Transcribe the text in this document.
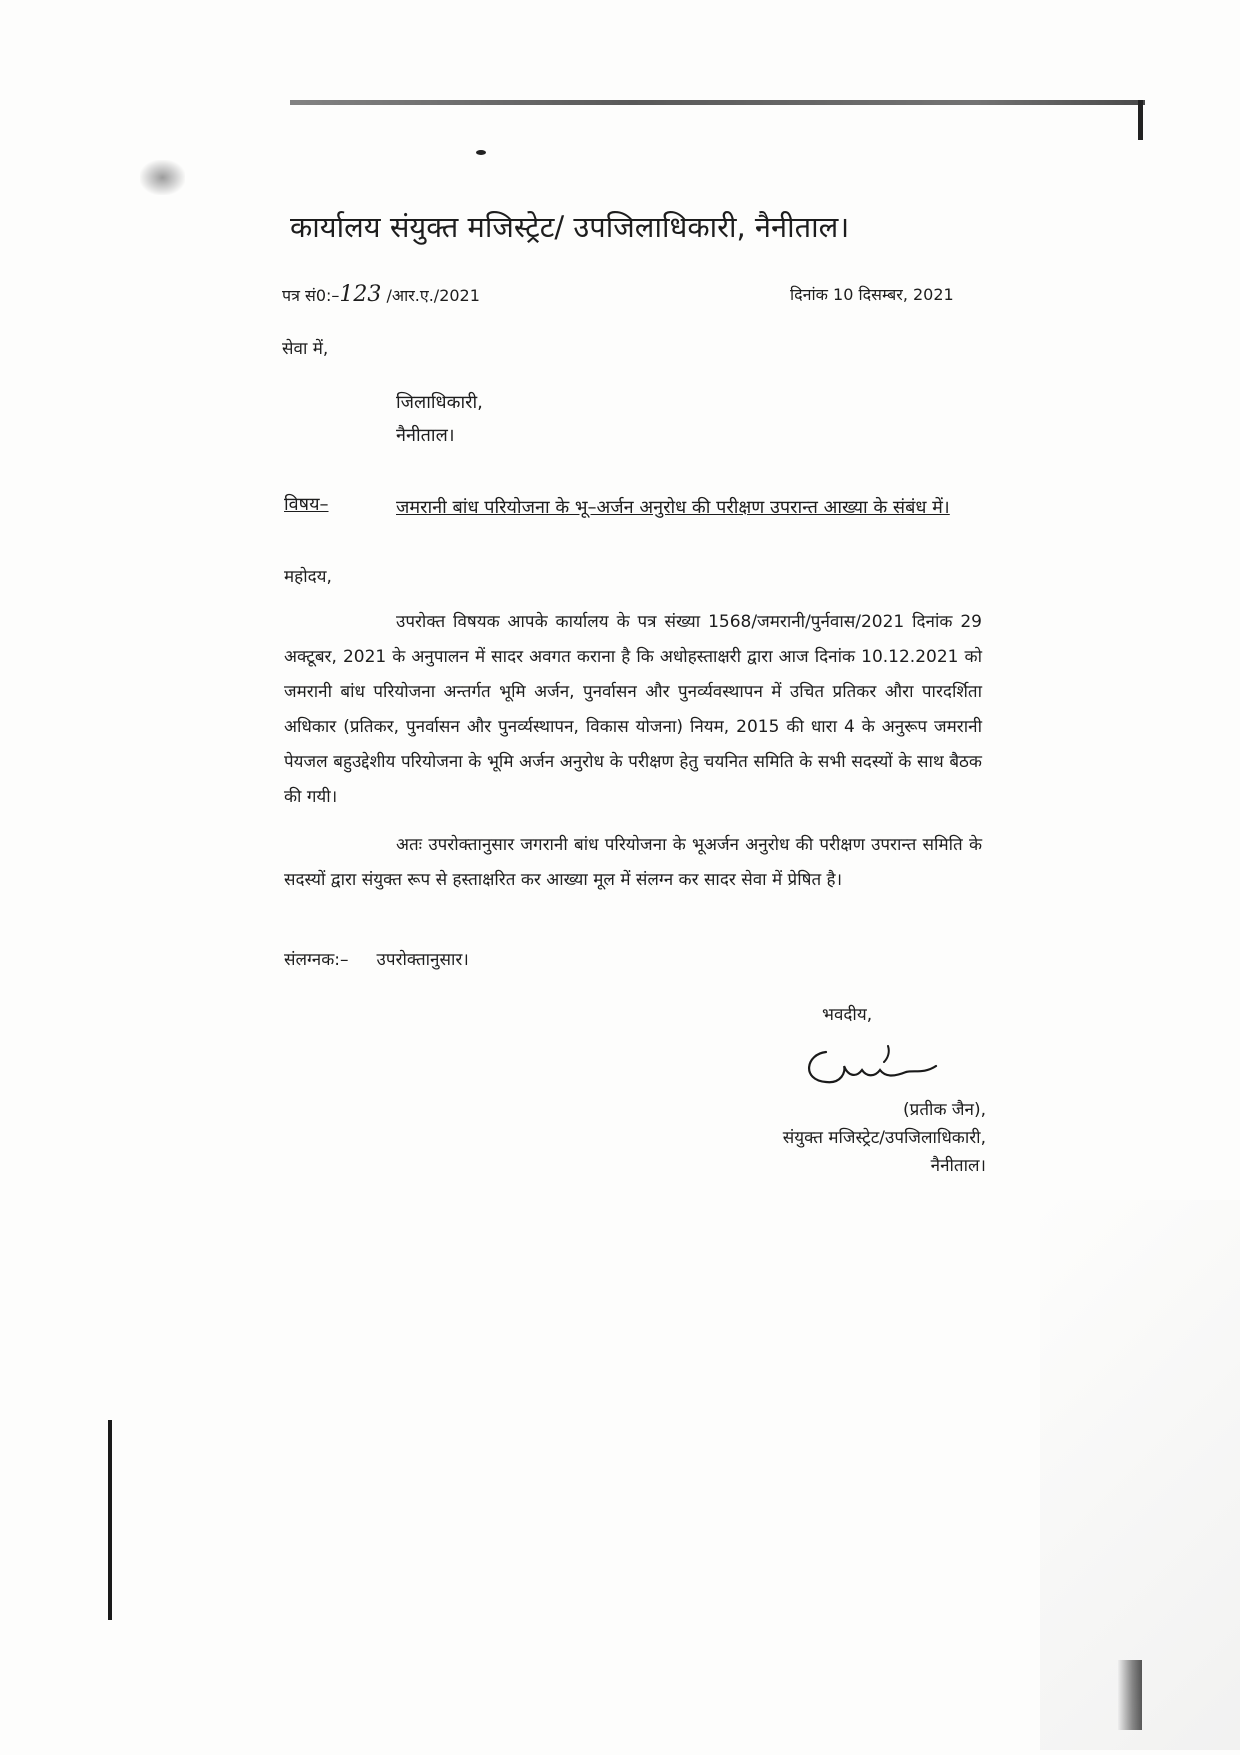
कार्यालय संयुक्त मजिस्ट्रेट/ उपजिलाधिकारी, नैनीताल।
पत्र सं0:–123 /आर.ए./2021	दिनांक 10 दिसम्बर, 2021
सेवा में,
जिलाधिकारी,
नैनीताल।
विषय–	जमरानी बांध परियोजना के भू–अर्जन अनुरोध की परीक्षण उपरान्त आख्या के संबंध में।
महोदय,
उपरोक्त विषयक आपके कार्यालय के पत्र संख्या 1568/जमरानी/पुर्नवास/2021 दिनांक 29 अक्टूबर, 2021 के अनुपालन में सादर अवगत कराना है कि अधोहस्ताक्षरी द्वारा आज दिनांक 10.12.2021 को जमरानी बांध परियोजना अन्तर्गत भूमि अर्जन, पुनर्वासन और पुनर्व्यवस्थापन में उचित प्रतिकर औरा पारदर्शिता अधिकार (प्रतिकर, पुनर्वासन और पुनर्व्यस्थापन, विकास योजना) नियम, 2015 की धारा 4 के अनुरूप जमरानी पेयजल बहुउद्देशीय परियोजना के भूमि अर्जन अनुरोध के परीक्षण हेतु चयनित समिति के सभी सदस्यों के साथ बैठक की गयी।
अतः उपरोक्तानुसार जगरानी बांध परियोजना के भूअर्जन अनुरोध की परीक्षण उपरान्त समिति के सदस्यों द्वारा संयुक्त रूप से हस्ताक्षरित कर आख्या मूल में संलग्न कर सादर सेवा में प्रेषित है।
संलग्नक:– उपरोक्तानुसार।
भवदीय,
(प्रतीक जैन),
संयुक्त मजिस्ट्रेट/उपजिलाधिकारी,
नैनीताल।
